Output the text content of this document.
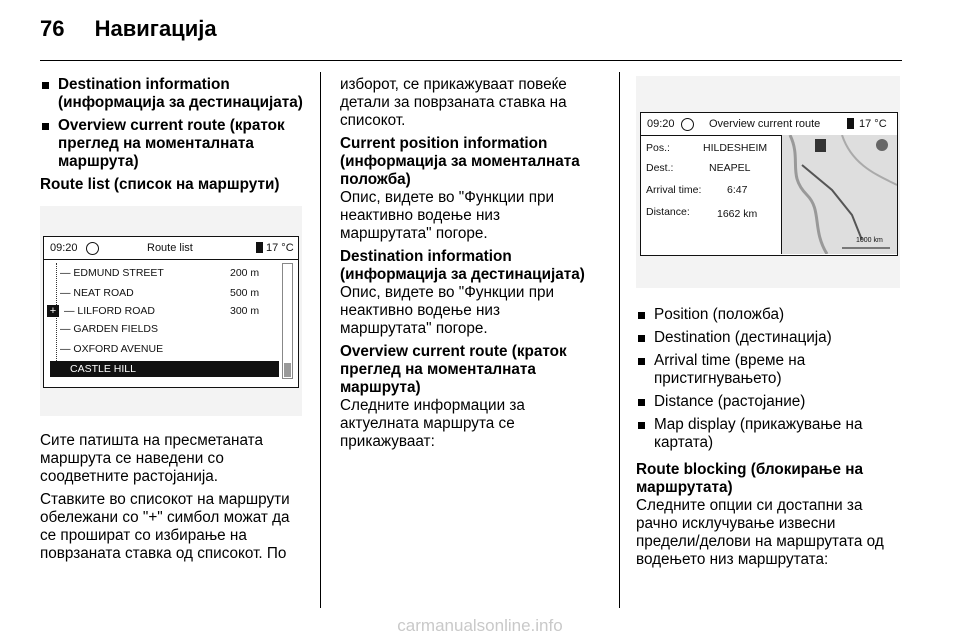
76 Навигација
Destination information
(информација за дестинацијата)
Overview current route (краток
преглед на моменталната
маршрута)
Route list (список на маршрути)
09:20	Route list	17 °C
— EDMUND STREET	200 m
— NEAT ROAD	500 m
+ — LILFORD ROAD	300 m
— GARDEN FIELDS
— OXFORD AVENUE
CASTLE HILL
Сите патишта на пресметаната
маршрута се наведени со
соодветните растојанија.
Ставките во списокот на маршрути
обележани со "+" симбол можат да
се прошират со избирање на
поврзаната ставка од списокот. По
изборот, се прикажуваат повеќе
детали за поврзаната ставка на
списокот.
Current position information
(информација за моменталната
положба)
Опис, видете во "Функции при
неактивно водење низ
маршрутата" погоре.
Destination information
(информација за дестинацијата)
Опис, видете во "Функции при
неактивно водење низ
маршрутата" погоре.
Overview current route (краток
преглед на моменталната
маршрута)
Следните информации за
актуелната маршрута се
прикажуваат:
09:20	Overview current route	17 °C
Pos.:	HILDESHEIM
Dest.:	NEAPEL
Arrival time: 6:47
Distance:	1662 km
1000 km
Position (положба)
Destination (дестинација)
Arrival time (време на
пристигнувањето)
Distance (растојание)
Map display (прикажување на
картата)
Route blocking (блокирање на
маршрутата)
Следните опции си достапни за
рачно исклучување извесни
предели/делови на маршрутата од
водењето низ маршрутата:
carmanualsonline.info
